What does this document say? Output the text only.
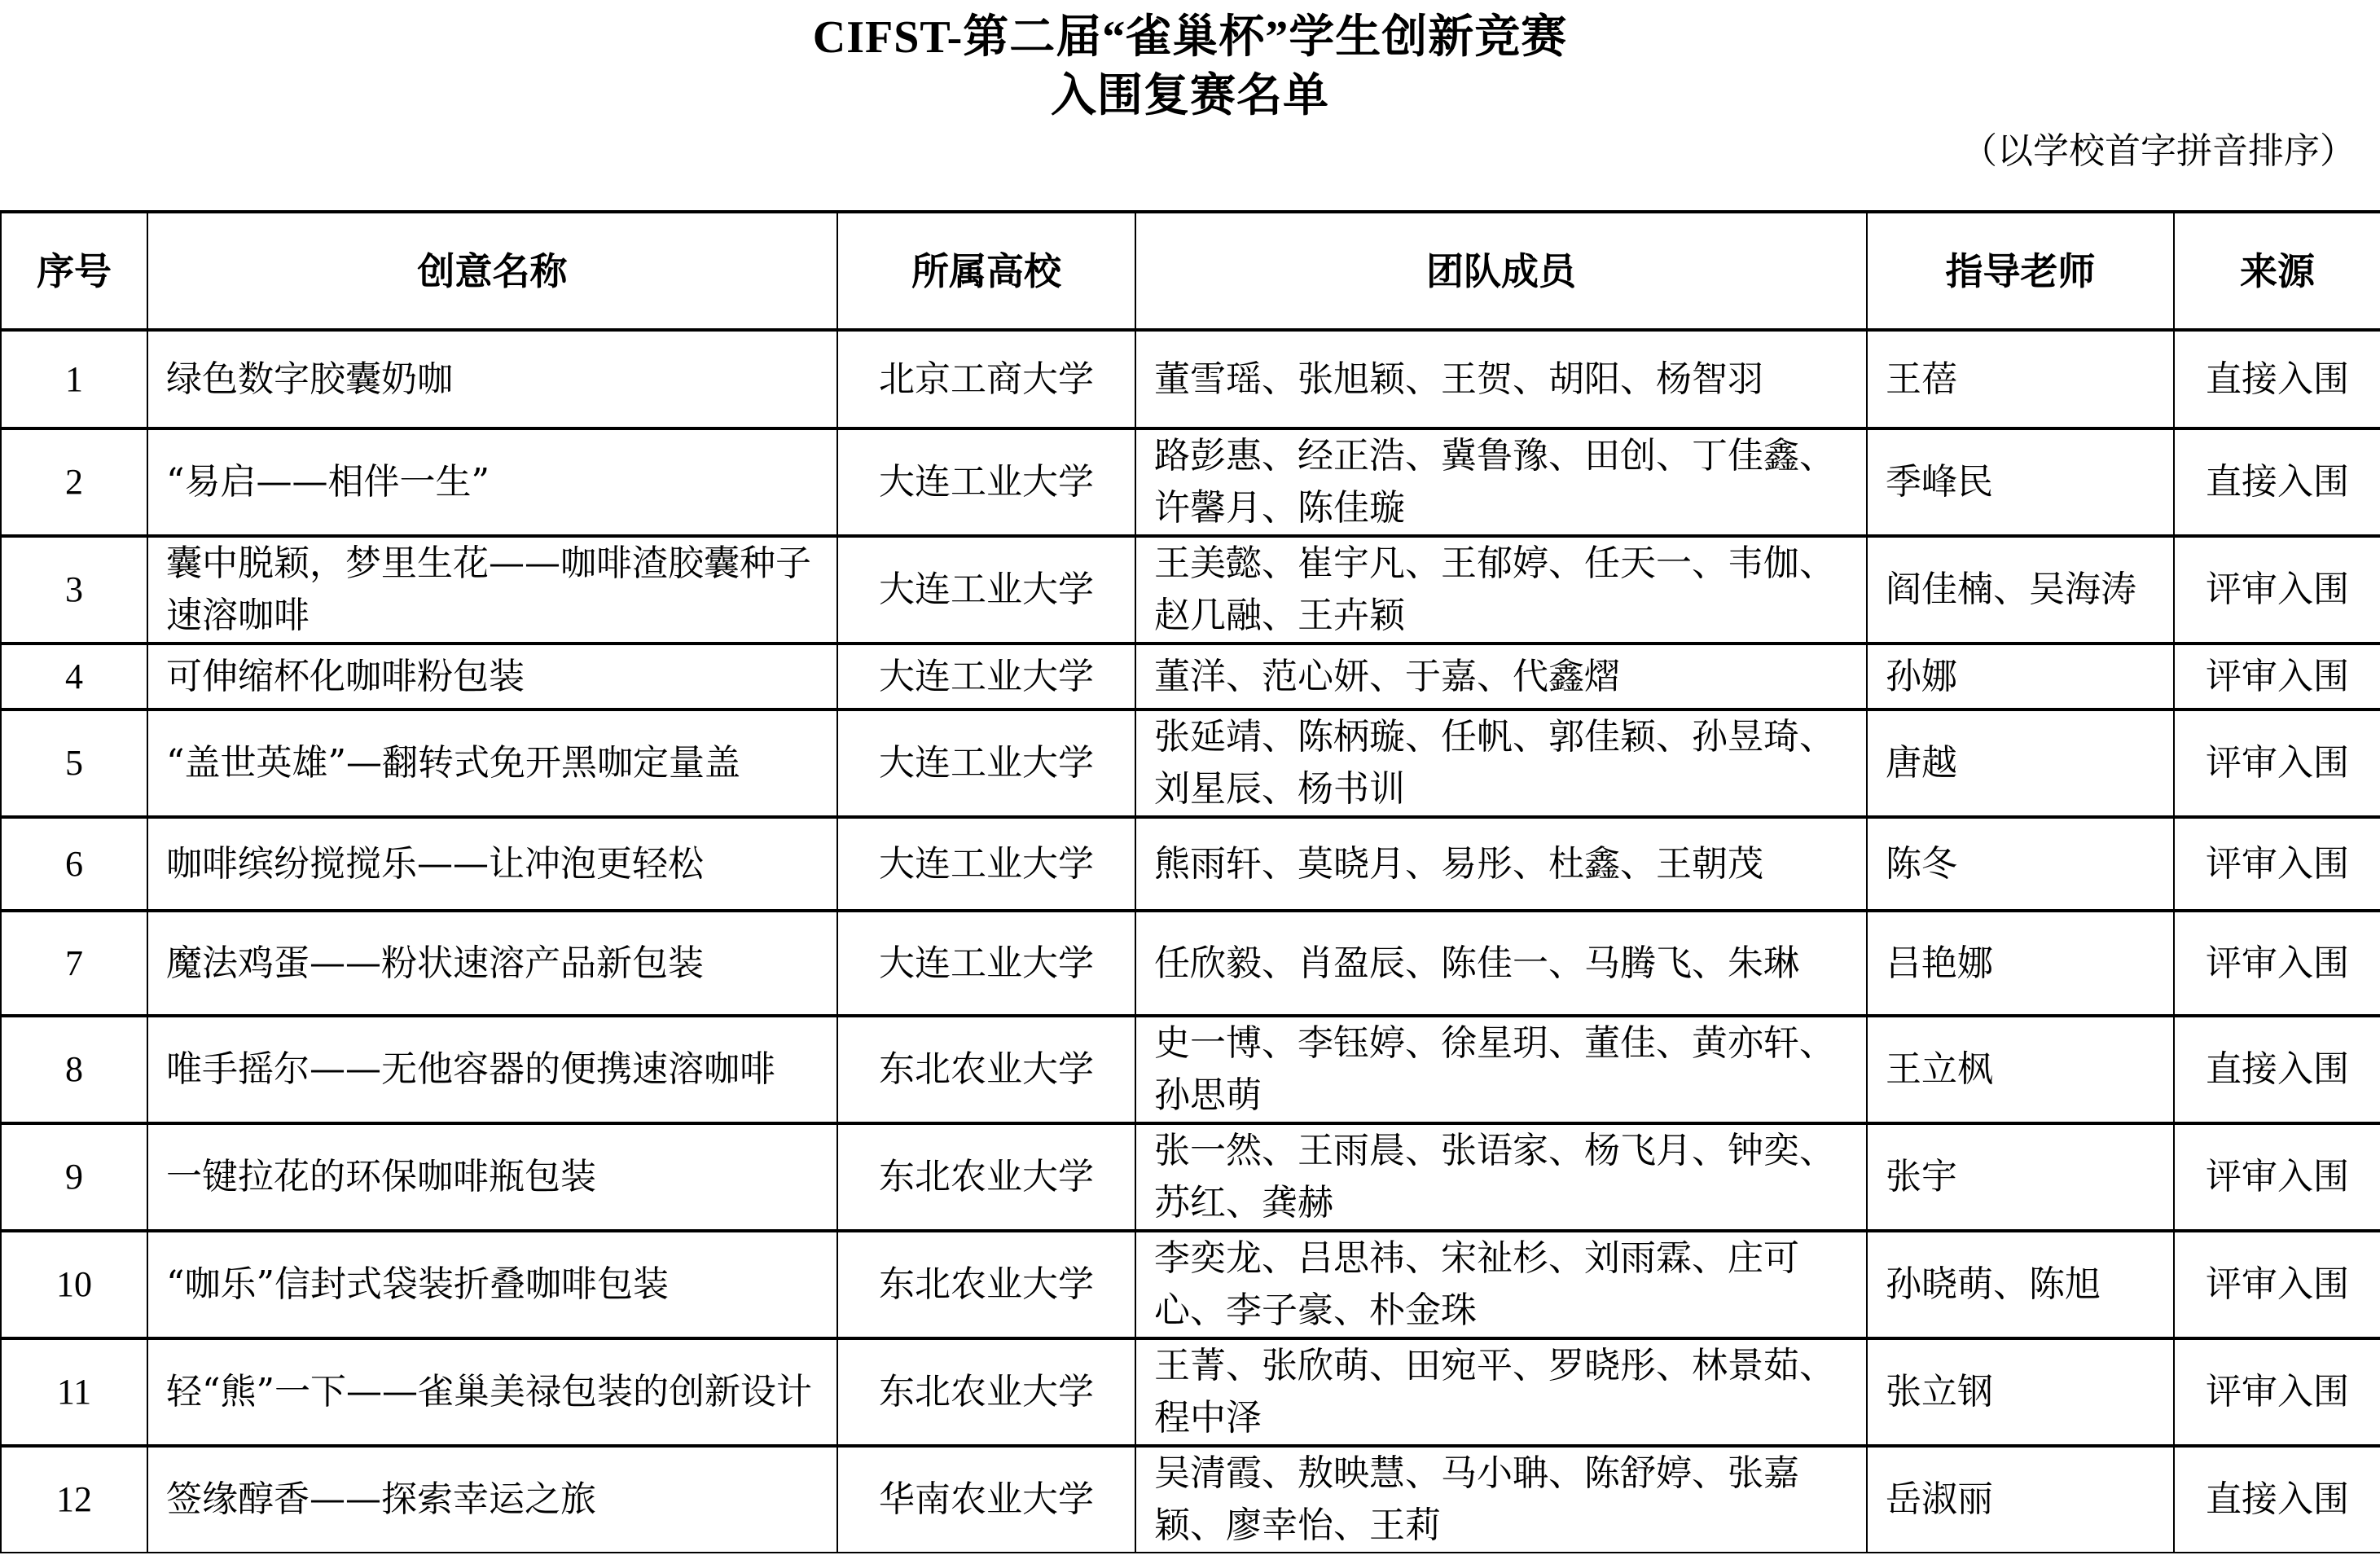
CIFST-第二届“雀巢杯”学生创新竞赛
入围复赛名单
（以学校首字拼音排序）
序号	创意名称	所属高校	团队成员	指导老师	来源
1	绿色数字胶囊奶咖	北京工商大学	董雪瑶、张旭颖、王贺、胡阳、杨智羽	王蓓	直接入围
2	“易启——相伴一生”	大连工业大学	路彭惠、经正浩、冀鲁豫、田创、丁佳鑫、许馨月、陈佳璇	季峰民	直接入围
3	囊中脱颖，梦里生花——咖啡渣胶囊种子速溶咖啡	大连工业大学	王美懿、崔宇凡、王郁婷、任天一、韦伽、赵几融、王卉颖	阎佳楠、吴海涛	评审入围
4	可伸缩杯化咖啡粉包装	大连工业大学	董洋、范心妍、于嘉、代鑫熠	孙娜	评审入围
5	“盖世英雄”—翻转式免开黑咖定量盖	大连工业大学	张延靖、陈柄璇、任帆、郭佳颖、孙昱琦、刘星辰、杨书训	唐越	评审入围
6	咖啡缤纷搅搅乐——让冲泡更轻松	大连工业大学	熊雨轩、莫晓月、易彤、杜鑫、王朝茂	陈冬	评审入围
7	魔法鸡蛋——粉状速溶产品新包装	大连工业大学	任欣毅、肖盈辰、陈佳一、马腾飞、朱琳	吕艳娜	评审入围
8	唯手摇尔——无他容器的便携速溶咖啡	东北农业大学	史一博、李钰婷、徐星玥、董佳、黄亦轩、孙思萌	王立枫	直接入围
9	一键拉花的环保咖啡瓶包装	东北农业大学	张一然、王雨晨、张语家、杨飞月、钟奕、苏红、龚赫	张宇	评审入围
10	“咖乐”信封式袋装折叠咖啡包装	东北农业大学	李奕龙、吕思祎、宋祉杉、刘雨霖、庄可心、李子豪、朴金珠	孙晓萌、陈旭	评审入围
11	轻“熊”一下——雀巢美禄包装的创新设计	东北农业大学	王菁、张欣萌、田宛平、罗晓彤、林景茹、程中泽	张立钢	评审入围
12	签缘醇香——探索幸运之旅	华南农业大学	吴清霞、敖映慧、马小聃、陈舒婷、张嘉颖、廖幸怡、王莉	岳淑丽	直接入围
